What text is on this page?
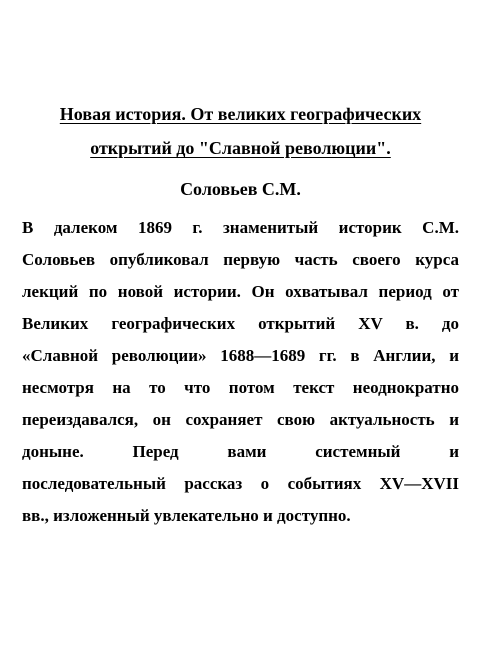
Новая история. От великих географических
открытий до "Славной революции".

Соловьев С.М.

В далеком 1869 г. знаменитый историк С.М.
Соловьев опубликовал первую часть своего курса
лекций по новой истории. Он охватывал период от
Великих географических открытий XV в. до
«Славной революции» 1688—1689 гг. в Англии, и
несмотря на то что потом текст неоднократно
переиздавался, он сохраняет свою актуальность и
доныне. Перед вами системный и
последовательный рассказ о событиях XV—XVII
вв., изложенный увлекательно и доступно.
